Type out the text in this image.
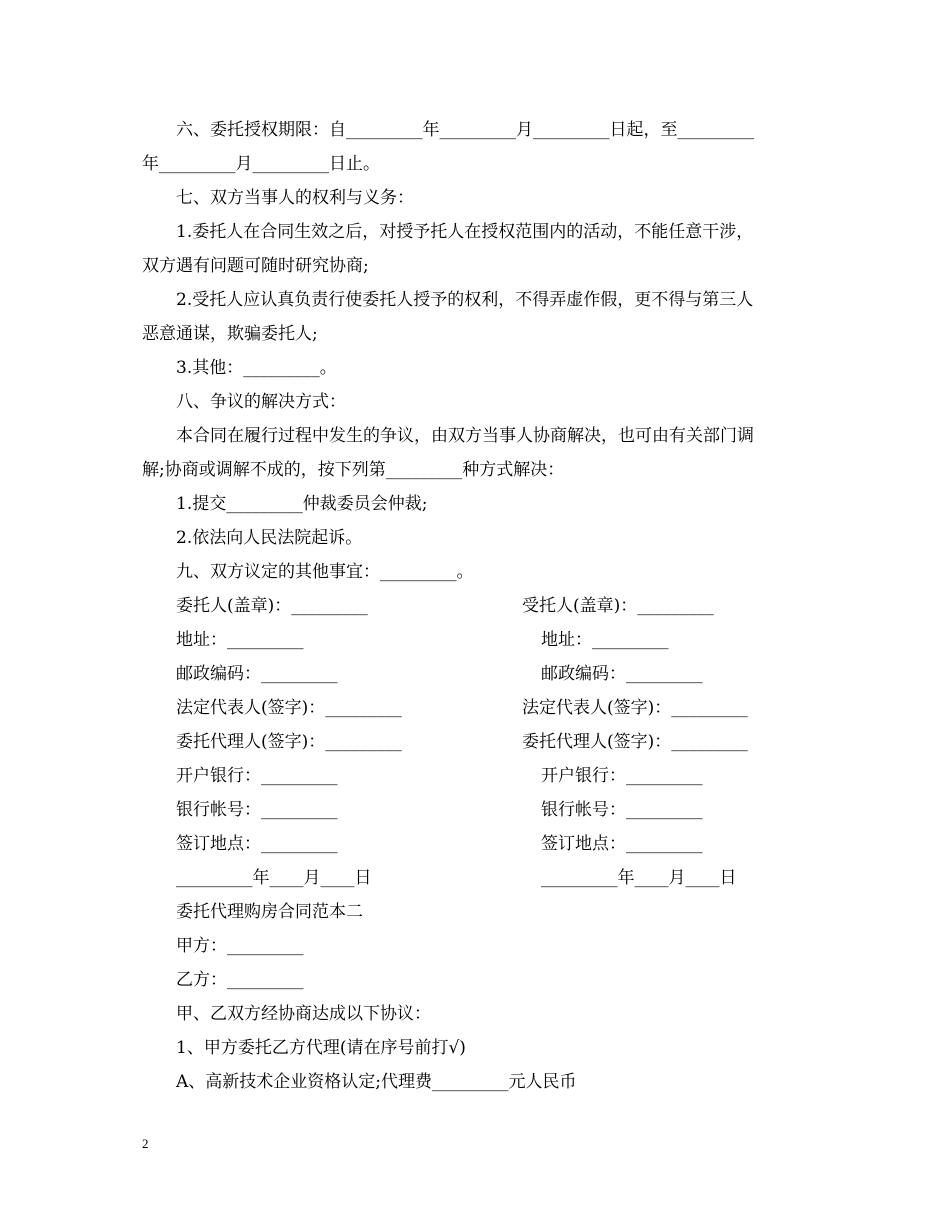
六、委托授权期限：自_________年_________月_________日起，至_________
年_________月_________日止。
七、双方当事人的权利与义务：
1.委托人在合同生效之后，对授予托人在授权范围内的活动，不能任意干涉，
双方遇有问题可随时研究协商;
2.受托人应认真负责行使委托人授予的权利，不得弄虚作假，更不得与第三人
恶意通谋，欺骗委托人;
3.其他：_________。
八、争议的解决方式：
本合同在履行过程中发生的争议，由双方当事人协商解决，也可由有关部门调
解;协商或调解不成的，按下列第_________种方式解决：
1.提交_________仲裁委员会仲裁;
2.依法向人民法院起诉。
九、双方议定的其他事宜：_________。
委托人(盖章)：_________	受托人(盖章)：_________
地址：_________	地址：_________
邮政编码：_________	邮政编码：_________
法定代表人(签字)：_________	法定代表人(签字)：_________
委托代理人(签字)：_________	委托代理人(签字)：_________
开户银行：_________	开户银行：_________
银行帐号：_________	银行帐号：_________
签订地点：_________	签订地点：_________
_________年____月____日	_________年____月____日
委托代理购房合同范本二
甲方：_________
乙方：_________
甲、乙双方经协商达成以下协议：
1、甲方委托乙方代理(请在序号前打√)
A、高新技术企业资格认定;代理费_________元人民币
2
